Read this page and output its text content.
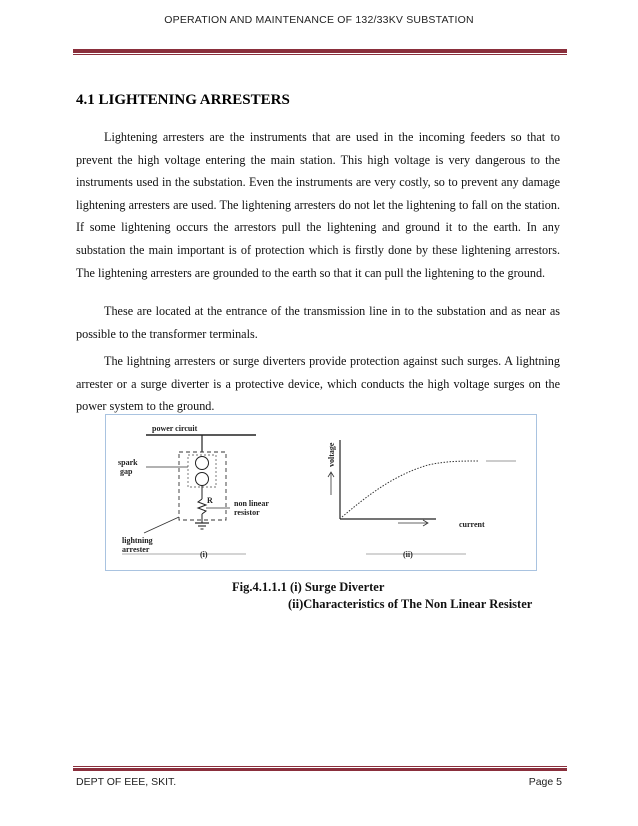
OPERATION AND MAINTENANCE OF 132/33KV SUBSTATION
4.1 LIGHTENING ARRESTERS

Lightening arresters are the instruments that are used in the incoming feeders so that to prevent the high voltage entering the main station. This high voltage is very dangerous to the instruments used in the substation. Even the instruments are very costly, so to prevent any damage lightening arresters are used. The lightening arresters do not let the lightening to fall on the station. If some lightening occurs the arrestors pull the lightening and ground it to the earth. In any substation the main important is of protection which is firstly done by these lightening arrestors. The lightening arresters are grounded to the earth so that it can pull the lightening to the ground.

These are located at the entrance of the transmission line in to the substation and as near as possible to the transformer terminals.

The lightning arresters or surge diverters provide protection against such surges. A lightning arrester or a surge diverter is a protective device, which conducts the high voltage surges on the power system to the ground.

power circuit
R
spark
gap
non linear
resistor
lightning
arrester
(i)
voltage
current
(ii)
Fig.4.1.1.1 (i) Surge Diverter
(ii)Characteristics of The Non Linear Resister
DEPT OF EEE, SKIT.	Page 5
